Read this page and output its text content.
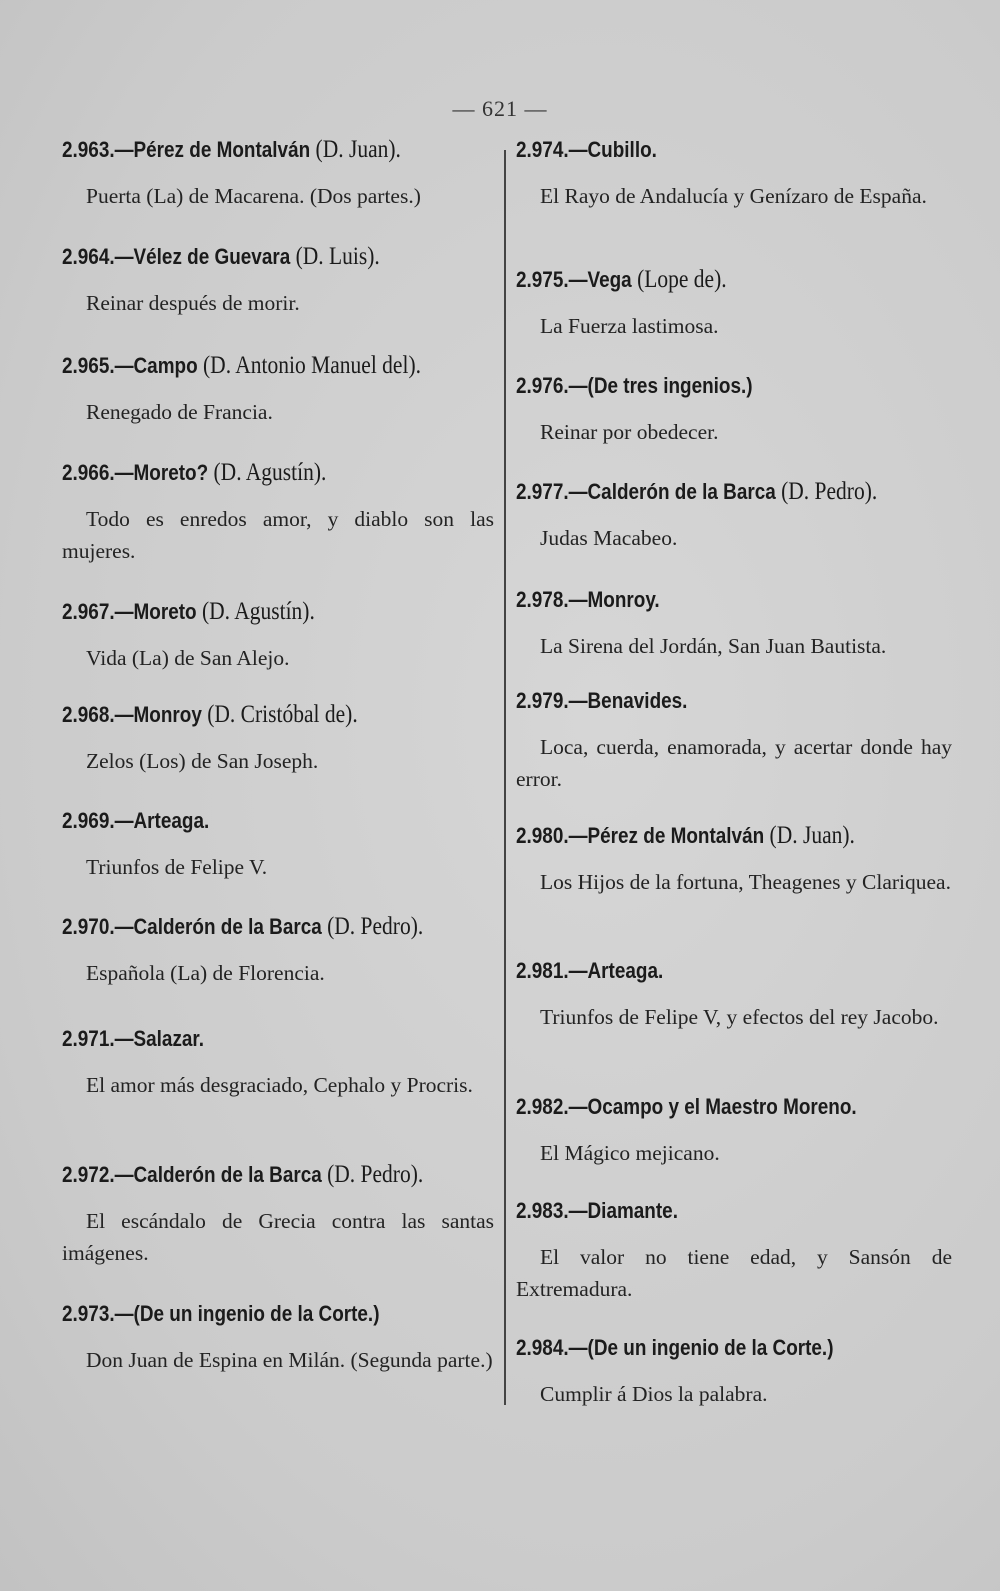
— 621 —
2.963.—Pérez de Montalván (D. Juan).
Puerta (La) de Macarena. (Dos partes.)
2.964.—Vélez de Guevara (D. Luis).
Reinar después de morir.
2.965.—Campo (D. Antonio Manuel del).
Renegado de Francia.
2.966.—Moreto? (D. Agustín).
Todo es enredos amor, y diablo son las mujeres.
2.967.—Moreto (D. Agustín).
Vida (La) de San Alejo.
2.968.—Monroy (D. Cristóbal de).
Zelos (Los) de San Joseph.
2.969.—Arteaga.
Triunfos de Felipe V.
2.970.—Calderón de la Barca (D. Pedro).
Española (La) de Florencia.
2.971.—Salazar.
El amor más desgraciado, Cephalo y Procris.
2.972.—Calderón de la Barca (D. Pedro).
El escándalo de Grecia contra las santas imágenes.
2.973.—(De un ingenio de la Corte.)
Don Juan de Espina en Milán. (Segunda parte.)
2.974.—Cubillo.
El Rayo de Andalucía y Genízaro de España.
2.975.—Vega (Lope de).
La Fuerza lastimosa.
2.976.—(De tres ingenios.)
Reinar por obedecer.
2.977.—Calderón de la Barca (D. Pedro).
Judas Macabeo.
2.978.—Monroy.
La Sirena del Jordán, San Juan Bautista.
2.979.—Benavides.
Loca, cuerda, enamorada, y acertar donde hay error.
2.980.—Pérez de Montalván (D. Juan).
Los Hijos de la fortuna, Theagenes y Clariquea.
2.981.—Arteaga.
Triunfos de Felipe V, y efectos del rey Jacobo.
2.982.—Ocampo y el Maestro Moreno.
El Mágico mejicano.
2.983.—Diamante.
El valor no tiene edad, y Sansón de Extremadura.
2.984.—(De un ingenio de la Corte.)
Cumplir á Dios la palabra.
